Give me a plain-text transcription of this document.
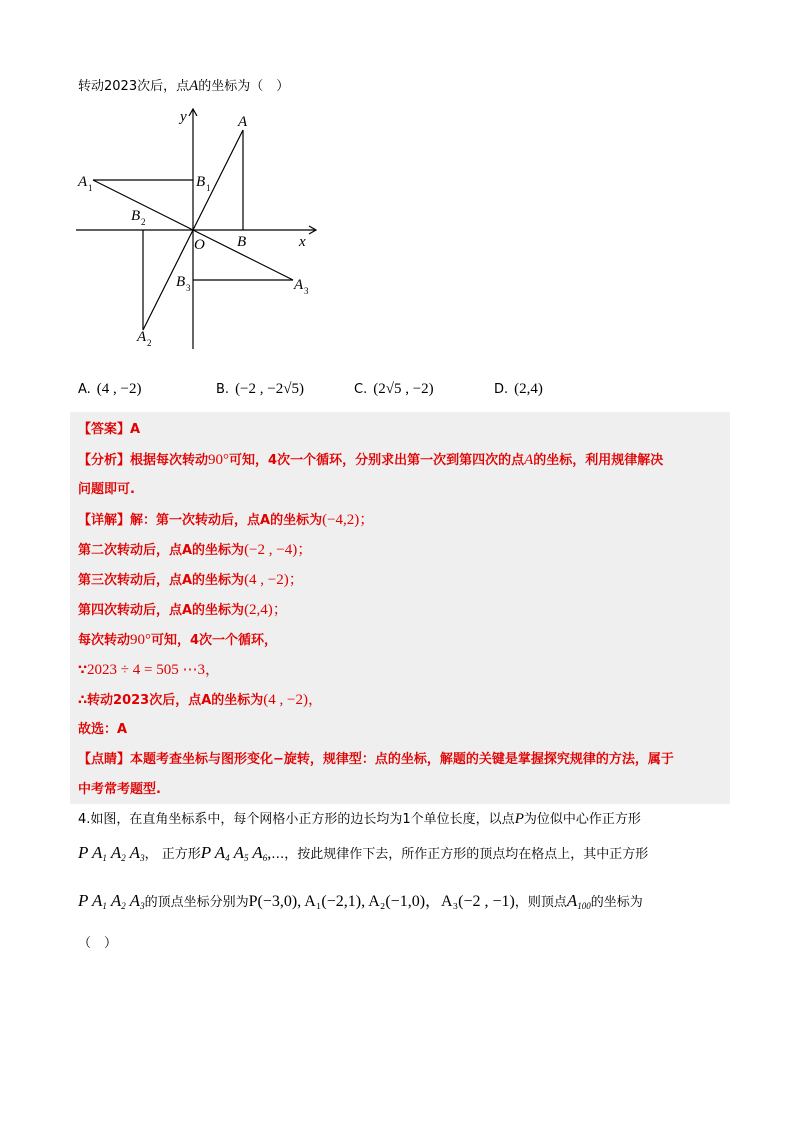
转动2023次后，点A的坐标为（　）
y
x
O
A
A 1	B 1
B 2
B
B 3	A 3
A 2
A. (4 , −2)	B. (−2 , −2√5)	C. (2√5 , −2)	D. (2,4)
【答案】A
【分析】根据每次转动90°可知，4次一个循环，分别求出第一次到第四次的点A的坐标，利用规律解决
问题即可.
【详解】解：第一次转动后，点A的坐标为(−4,2)；
第二次转动后，点A的坐标为(−2 , −4)；
第三次转动后，点A的坐标为(4 , −2)；
第四次转动后，点A的坐标为(2,4)；
每次转动90°可知，4次一个循环，
∵2023 ÷ 4 = 505 ⋯3，
∴转动2023次后，点A的坐标为(4 , −2)，
故选：A
【点睛】本题考查坐标与图形变化−旋转，规律型：点的坐标，解题的关键是掌握探究规律的方法，属于
中考常考题型.
4.如图，在直角坐标系中，每个网格小正方形的边长均为1个单位长度，以点P为位似中心作正方形
P $A_1$ $A_2$ $A_3$， 正方形P $A_4$ $A_5$ $A_6,\dots$，按此规律作下去，所作正方形的顶点均在格点上，其中正方形
P $A_1$ $A_2$ $A_3$的顶点坐标分别为P(−3,0), A₁(−2,1), A₂(−1,0)，A₃(−2 , −1)，则顶点$A_{100}$的坐标为
（　）
